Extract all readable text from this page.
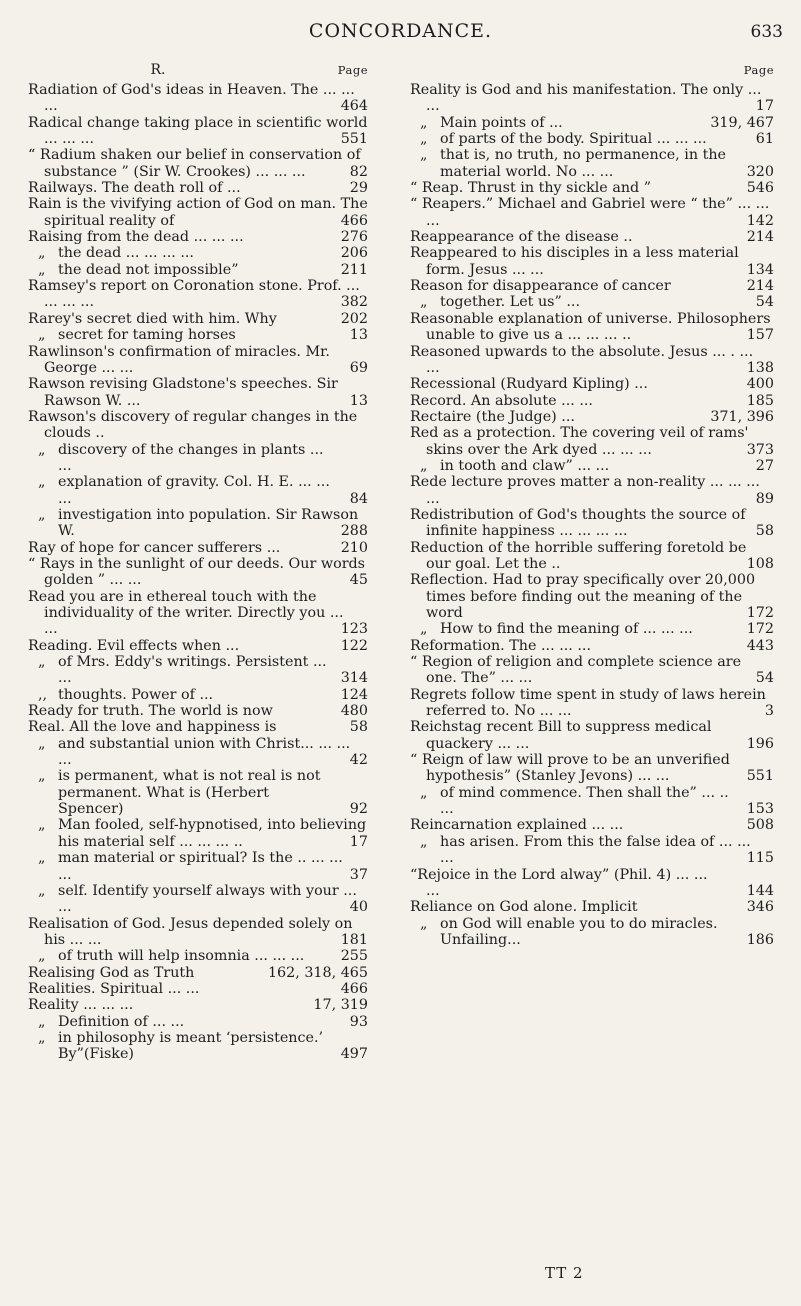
CONCORDANCE.	633
R.	Page
Radiation of God's ideas in Heaven. The ... ... ...	464
Radical change taking place in scientific world ... ... ...	551
“ Radium shaken our belief in conservation of substance ” (Sir W. Crookes) ... ... ...	82
Railways. The death roll of ...	29
Rain is the vivifying action of God on man. The spiritual reality of	466
Raising from the dead ... ... ...	276
„ the dead ... ... ... ...	206
„ the dead not impossible”	211
Ramsey's report on Coronation stone. Prof. ... ... ... ...	382
Rarey's secret died with him. Why	202
„ secret for taming horses	13
Rawlinson's confirmation of miracles. Mr. George ... ...	69
Rawson revising Gladstone's speeches. Sir Rawson W. ...	13
Rawson's discovery of regular changes in the clouds ..
„ discovery of the changes in plants ... ...
„ explanation of gravity. Col. H. E. ... ... ...	84
„ investigation into population. Sir Rawson W.	288
Ray of hope for cancer sufferers ...	210
“ Rays in the sunlight of our deeds. Our words golden ” ... ...	45
Read you are in ethereal touch with the individuality of the writer. Directly you ... ...	123
Reading. Evil effects when ...	122
„ of Mrs. Eddy's writings. Persistent ... ...	314
,, thoughts. Power of ...	124
Ready for truth. The world is now	480
Real. All the love and happiness is	58
„ and substantial union with Christ... ... ... ...	42
„ is permanent, what is not real is not permanent. What is (Herbert Spencer)	92
„ Man fooled, self-hypnotised, into believing his material self ... ... ... ..	17
„ man material or spiritual? Is the .. ... ... ...	37
„ self. Identify yourself always with your ... ...	40
Realisation of God. Jesus depended solely on his ... ...	181
„ of truth will help insomnia ... ... ...	255
Realising God as Truth	162, 318, 465
Realities. Spiritual ... ...	466
Reality ... ... ...	17, 319
„ Definition of ... ...	93
„ in philosophy is meant ‘persistence.’ By”(Fiske)	497
Page
Reality is God and his manifestation. The only ... ...	17
„ Main points of ...	319, 467
„ of parts of the body. Spiritual ... ... ...	61
„ that is, no truth, no permanence, in the material world. No ... ...	320
“ Reap. Thrust in thy sickle and ”	546
“ Reapers.” Michael and Gabriel were “ the” ... ... ...	142
Reappearance of the disease ..	214
Reappeared to his disciples in a less material form. Jesus ... ...	134
Reason for disappearance of cancer	214
„ together. Let us” ...	54
Reasonable explanation of universe. Philosophers unable to give us a ... ... ... ..	157
Reasoned upwards to the absolute. Jesus ... . ... ...	138
Recessional (Rudyard Kipling) ...	400
Record. An absolute ... ...	185
Rectaire (the Judge) ...	371, 396
Red as a protection. The covering veil of rams' skins over the Ark dyed ... ... ...	373
„ in tooth and claw” ... ...	27
Rede lecture proves matter a non-reality ... ... ... ...	89
Redistribution of God's thoughts the source of infinite happiness ... ... ... ...	58
Reduction of the horrible suffering foretold be our goal. Let the ..	108
Reflection. Had to pray specifically over 20,000 times before finding out the meaning of the word	172
„ How to find the meaning of ... ... ...	172
Reformation. The ... ... ...	443
“ Region of religion and complete science are one. The” ... ...	54
Regrets follow time spent in study of laws herein referred to. No ... ...	3
Reichstag recent Bill to suppress medical quackery ... ...	196
“ Reign of law will prove to be an unverified hypothesis” (Stanley Jevons) ... ...	551
„ of mind commence. Then shall the” ... .. ...	153
Reincarnation explained ... ...	508
„ has arisen. From this the false idea of ... ... ...	115
“Rejoice in the Lord alway” (Phil. 4) ... ... ...	144
Reliance on God alone. Implicit	346
„ on God will enable you to do miracles. Unfailing...	186
TT 2
